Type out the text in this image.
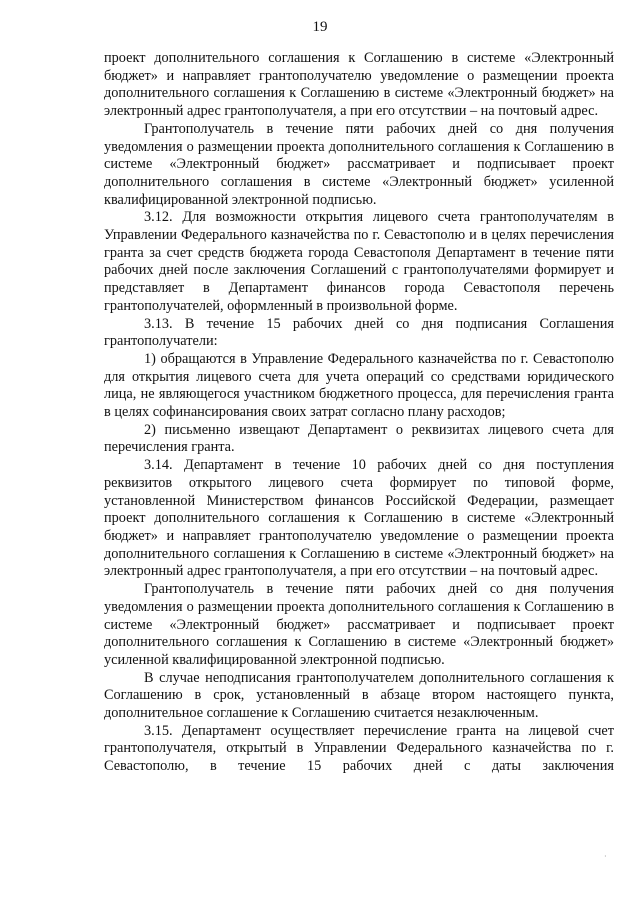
19

проект дополнительного соглашения к Соглашению в системе «Электронный бюджет» и направляет грантополучателю уведомление о размещении проекта дополнительного соглашения к Соглашению в системе «Электронный бюджет» на электронный адрес грантополучателя, а при его отсутствии – на почтовый адрес.

Грантополучатель в течение пяти рабочих дней со дня получения уведомления о размещении проекта дополнительного соглашения к Соглашению в системе «Электронный бюджет» рассматривает и подписывает проект дополнительного соглашения в системе «Электронный бюджет» усиленной квалифицированной электронной подписью.

3.12. Для возможности открытия лицевого счета грантополучателям в Управлении Федерального казначейства по г. Севастополю и в целях перечисления гранта за счет средств бюджета города Севастополя Департамент в течение пяти рабочих дней после заключения Соглашений с грантополучателями формирует и представляет в Департамент финансов города Севастополя перечень грантополучателей, оформленный в произвольной форме.

3.13. В течение 15 рабочих дней со дня подписания Соглашения грантополучатели:

1) обращаются в Управление Федерального казначейства по г. Севастополю для открытия лицевого счета для учета операций со средствами юридического лица, не являющегося участником бюджетного процесса, для перечисления гранта в целях софинансирования своих затрат согласно плану расходов;

2) письменно извещают Департамент о реквизитах лицевого счета для перечисления гранта.

3.14. Департамент в течение 10 рабочих дней со дня поступления реквизитов открытого лицевого счета формирует по типовой форме, установленной Министерством финансов Российской Федерации, размещает проект дополнительного соглашения к Соглашению в системе «Электронный бюджет» и направляет грантополучателю уведомление о размещении проекта дополнительного соглашения к Соглашению в системе «Электронный бюджет» на электронный адрес грантополучателя, а при его отсутствии – на почтовый адрес.

Грантополучатель в течение пяти рабочих дней со дня получения уведомления о размещении проекта дополнительного соглашения к Соглашению в системе «Электронный бюджет» рассматривает и подписывает проект дополнительного соглашения к Соглашению в системе «Электронный бюджет» усиленной квалифицированной электронной подписью.

В случае неподписания грантополучателем дополнительного соглашения к Соглашению в срок, установленный в абзаце втором настоящего пункта, дополнительное соглашение к Соглашению считается незаключенным.

3.15. Департамент осуществляет перечисление гранта на лицевой счет грантополучателя, открытый в Управлении Федерального казначейства по г. Севастополю, в течение 15 рабочих дней с даты заключения

·
